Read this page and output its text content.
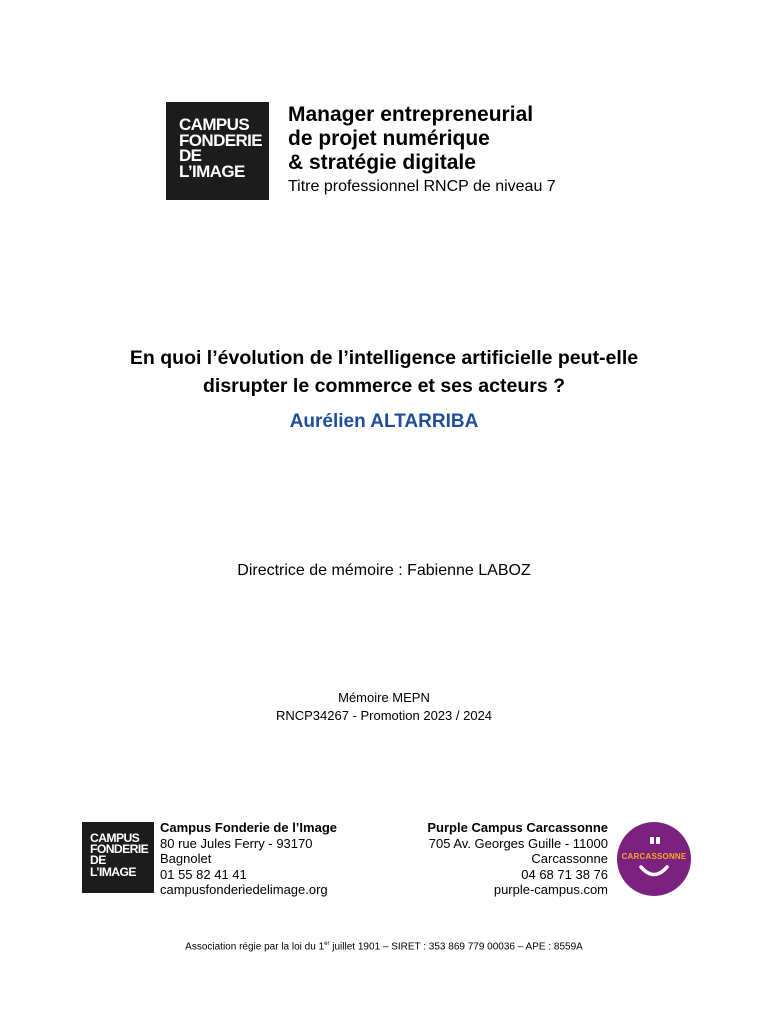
CAMPUS
FONDERIE
DE
L’IMAGE
Manager entrepreneurial
de projet numérique
& stratégie digitale
Titre professionnel RNCP de niveau 7
En quoi l’évolution de l’intelligence artificielle peut-elle
disrupter le commerce et ses acteurs ?
Aurélien ALTARRIBA
Directrice de mémoire : Fabienne LABOZ
Mémoire MEPN
RNCP34267 - Promotion 2023 / 2024
CAMPUS
FONDERIE
DE
L’IMAGE
Campus Fonderie de l’Image
80 rue Jules Ferry - 93170
Bagnolet
01 55 82 41 41
campusfonderiedelimage.org
Purple Campus Carcassonne
705 Av. Georges Guille - 11000
Carcassonne
04 68 71 38 76
purple-campus.com
CARCASSONNE
Association régie par la loi du 1er juillet 1901 – SIRET : 353 869 779 00036 – APE : 8559A
